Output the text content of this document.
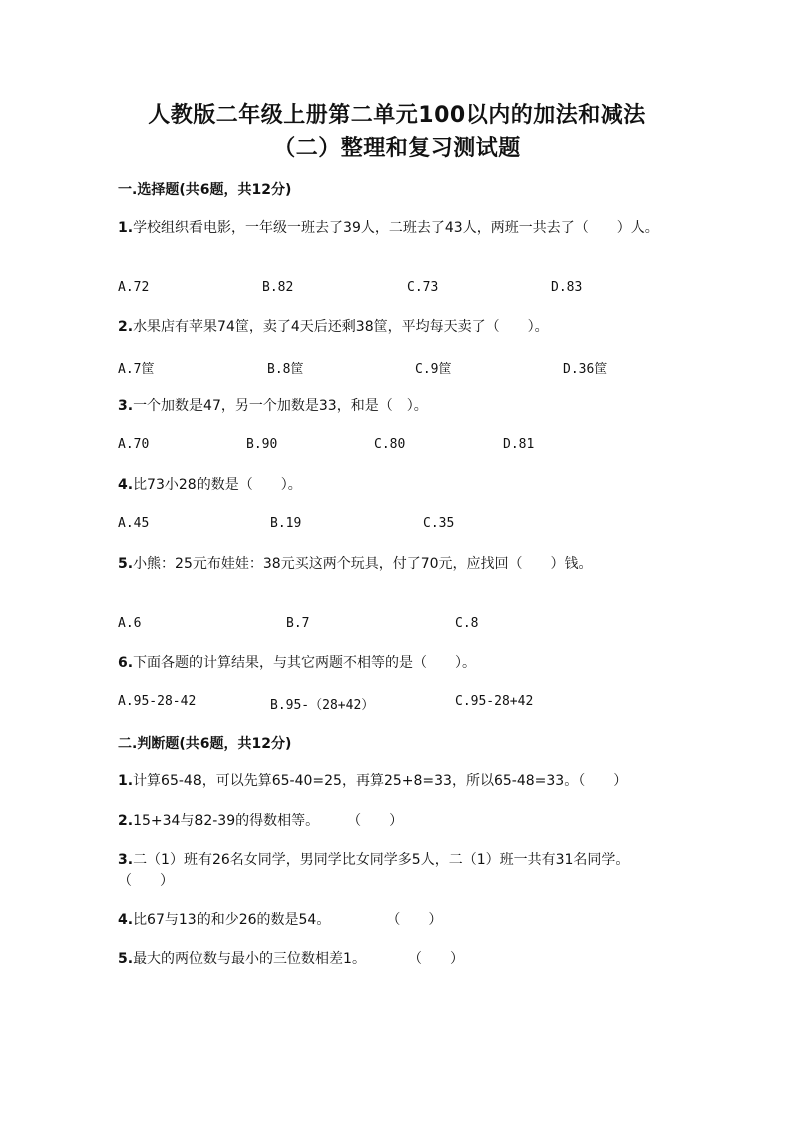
人教版二年级上册第二单元100以内的加法和减法
（二）整理和复习测试题
一.选择题(共6题，共12分)
1.学校组织看电影，一年级一班去了39人，二班去了43人，两班一共去了（　　）人。
A.72	B.82	C.73	D.83
2.水果店有苹果74筐，卖了4天后还剩38筐，平均每天卖了（　　）。
A.7筐	B.8筐	C.9筐	D.36筐
3.一个加数是47，另一个加数是33，和是（　）。
A.70	B.90	C.80	D.81
4.比73小28的数是（　　）。
A.45	B.19	C.35
5.小熊：25元布娃娃：38元买这两个玩具，付了70元，应找回（　　）钱。
A.6	B.7	C.8
6.下面各题的计算结果，与其它两题不相等的是（　　）。
A.95-28-42	B.95-（28+42）	C.95-28+42
二.判断题(共6题，共12分)
1.计算65-48，可以先算65-40=25，再算25+8=33，所以65-48=33。（　　）
2.15+34与82-39的得数相等。　　　（　　）
3.二（1）班有26名女同学，男同学比女同学多5人，二（1）班一共有31名同学。　　　　（　　）
4.比67与13的和少26的数是54。　　　　　（　　）
5.最大的两位数与最小的三位数相差1。　　　　（　　）
